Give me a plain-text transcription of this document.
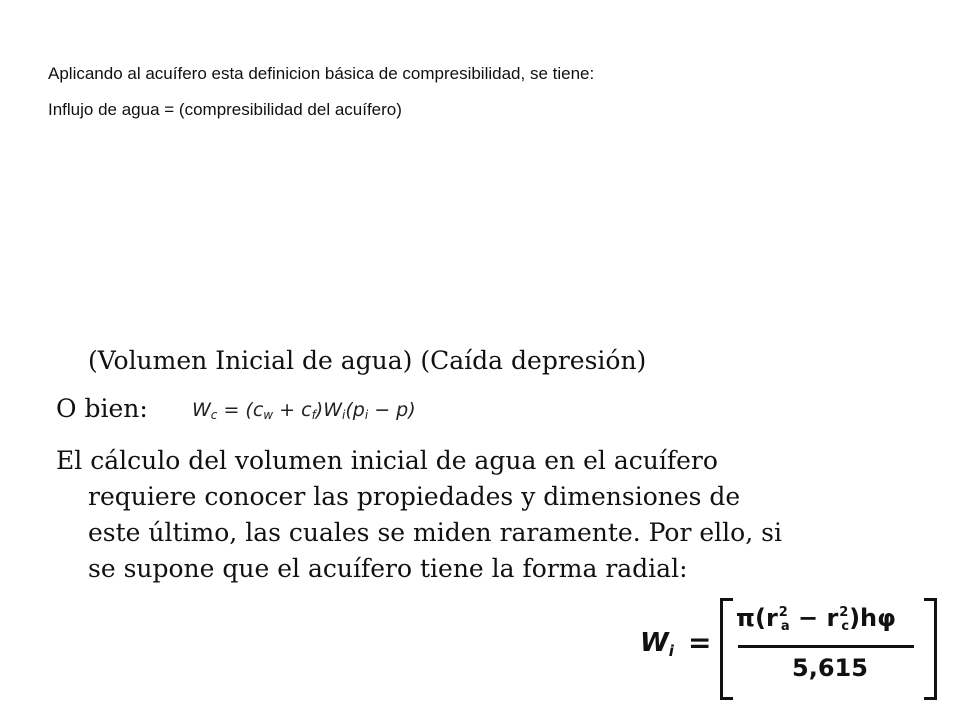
Aplicando al acuífero esta definicion básica de compresibilidad, se tiene:
Influjo de agua = (compresibilidad del acuífero)
(Volumen Inicial de agua) (Caída depresión)
O bien: $W_c = (c_w + c_f)W_i(p_i - p)$
El cálculo del volumen inicial de agua en el acuífero
requiere conocer las propiedades y dimensiones de
este último, las cuales se miden raramente. Por ello, si
se supone que el acuífero tiene la forma radial:
$W_i$ =
$\pi(r^2_a - r^2_c)h\varphi$
5,615
